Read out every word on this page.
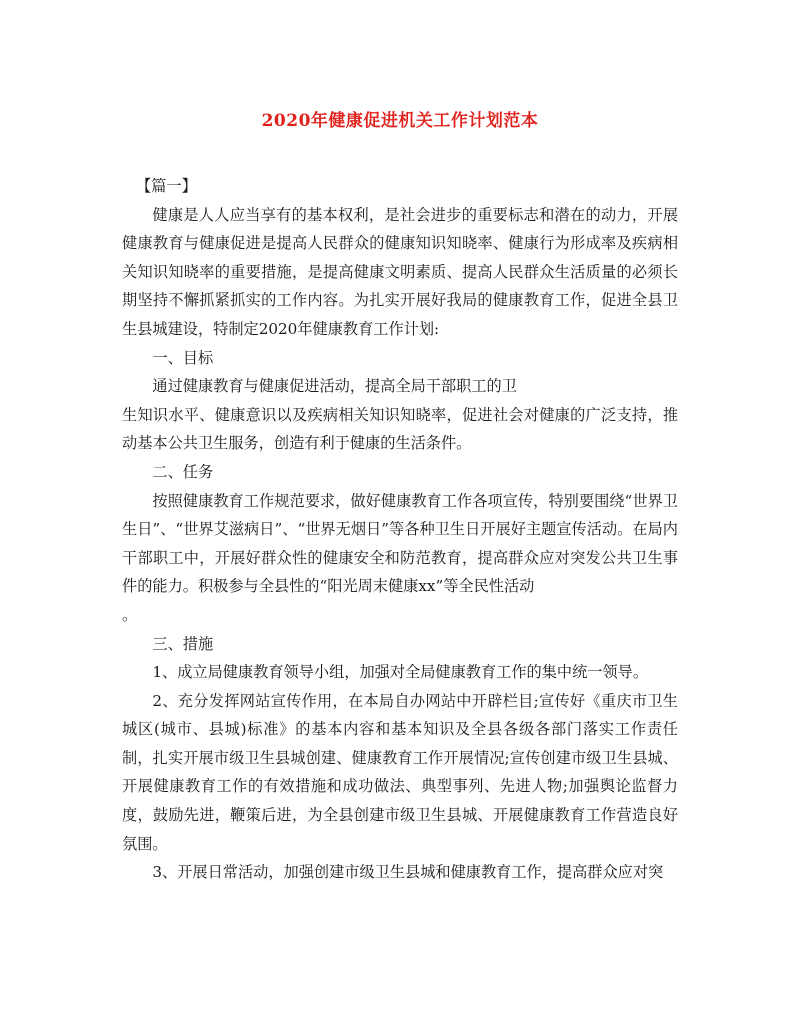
2020年健康促进机关工作计划范本

【篇一】

健康是人人应当享有的基本权利，是社会进步的重要标志和潜在的动力，开展健康教育与健康促进是提高人民群众的健康知识知晓率、健康行为形成率及疾病相关知识知晓率的重要措施，是提高健康文明素质、提高人民群众生活质量的必须长期坚持不懈抓紧抓实的工作内容。为扎实开展好我局的健康教育工作，促进全县卫生县城建设，特制定2020年健康教育工作计划:

一、目标

通过健康教育与健康促进活动，提高全局干部职工的卫

生知识水平、健康意识以及疾病相关知识知晓率，促进社会对健康的广泛支持，推动基本公共卫生服务，创造有利于健康的生活条件。

二、任务

按照健康教育工作规范要求，做好健康教育工作各项宣传，特别要围绕“世界卫生日”、“世界艾滋病日”、“世界无烟日”等各种卫生日开展好主题宣传活动。在局内干部职工中，开展好群众性的健康安全和防范教育，提高群众应对突发公共卫生事件的能力。积极参与全县性的“阳光周末健康xx”等全民性活动

。

三、措施

1、成立局健康教育领导小组，加强对全局健康教育工作的集中统一领导。

2、充分发挥网站宣传作用，在本局自办网站中开辟栏目;宣传好《重庆市卫生城区(城市、县城)标准》的基本内容和基本知识及全县各级各部门落实工作责任制，扎实开展市级卫生县城创建、健康教育工作开展情况;宣传创建市级卫生县城、开展健康教育工作的有效措施和成功做法、典型事列、先进人物;加强舆论监督力度，鼓励先进，鞭策后进，为全县创建市级卫生县城、开展健康教育工作营造良好氛围。

3、开展日常活动，加强创建市级卫生县城和健康教育工作，提高群众应对突
